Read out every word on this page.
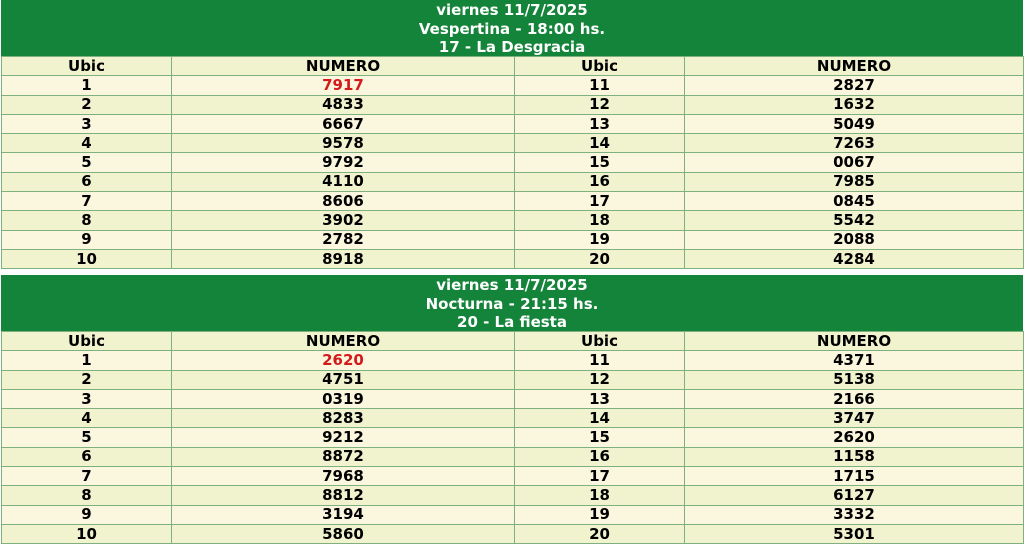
viernes 11/7/2025
Vespertina - 18:00 hs.
17 - La Desgracia
Ubic	NUMERO	Ubic	NUMERO
1	7917	11	2827
2	4833	12	1632
3	6667	13	5049
4	9578	14	7263
5	9792	15	0067
6	4110	16	7985
7	8606	17	0845
8	3902	18	5542
9	2782	19	2088
10	8918	20	4284
viernes 11/7/2025
Nocturna - 21:15 hs.
20 - La fiesta
Ubic	NUMERO	Ubic	NUMERO
1	2620	11	4371
2	4751	12	5138
3	0319	13	2166
4	8283	14	3747
5	9212	15	2620
6	8872	16	1158
7	7968	17	1715
8	8812	18	6127
9	3194	19	3332
10	5860	20	5301
